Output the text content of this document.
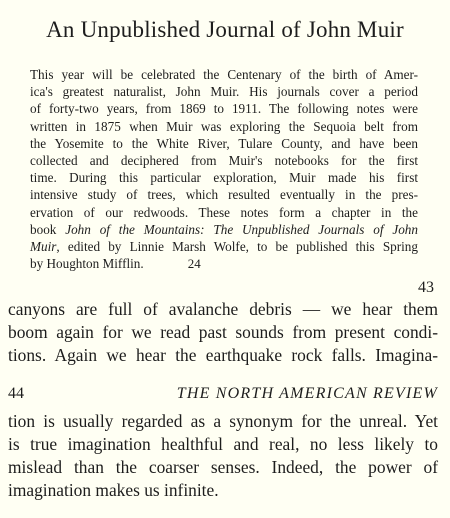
An Unpublished Journal of John Muir
This year will be celebrated the Centenary of the birth of Amer-
ica's greatest naturalist, John Muir. His journals cover a period
of forty-two years, from 1869 to 1911. The following notes were
written in 1875 when Muir was exploring the Sequoia belt from
the Yosemite to the White River, Tulare County, and have been
collected and deciphered from Muir's notebooks for the first
time. During this particular exploration, Muir made his first
intensive study of trees, which resulted eventually in the pres-
ervation of our redwoods. These notes form a chapter in the
book John of the Mountains: The Unpublished Journals of John
Muir, edited by Linnie Marsh Wolfe, to be published this Spring
by Houghton Mifflin.	24
43
canyons are full of avalanche debris — we hear them
boom again for we read past sounds from present condi-
tions. Again we hear the earthquake rock falls. Imagina-
44	THE NORTH AMERICAN REVIEW
tion is usually regarded as a synonym for the unreal. Yet
is true imagination healthful and real, no less likely to
mislead than the coarser senses. Indeed, the power of
imagination makes us infinite.
